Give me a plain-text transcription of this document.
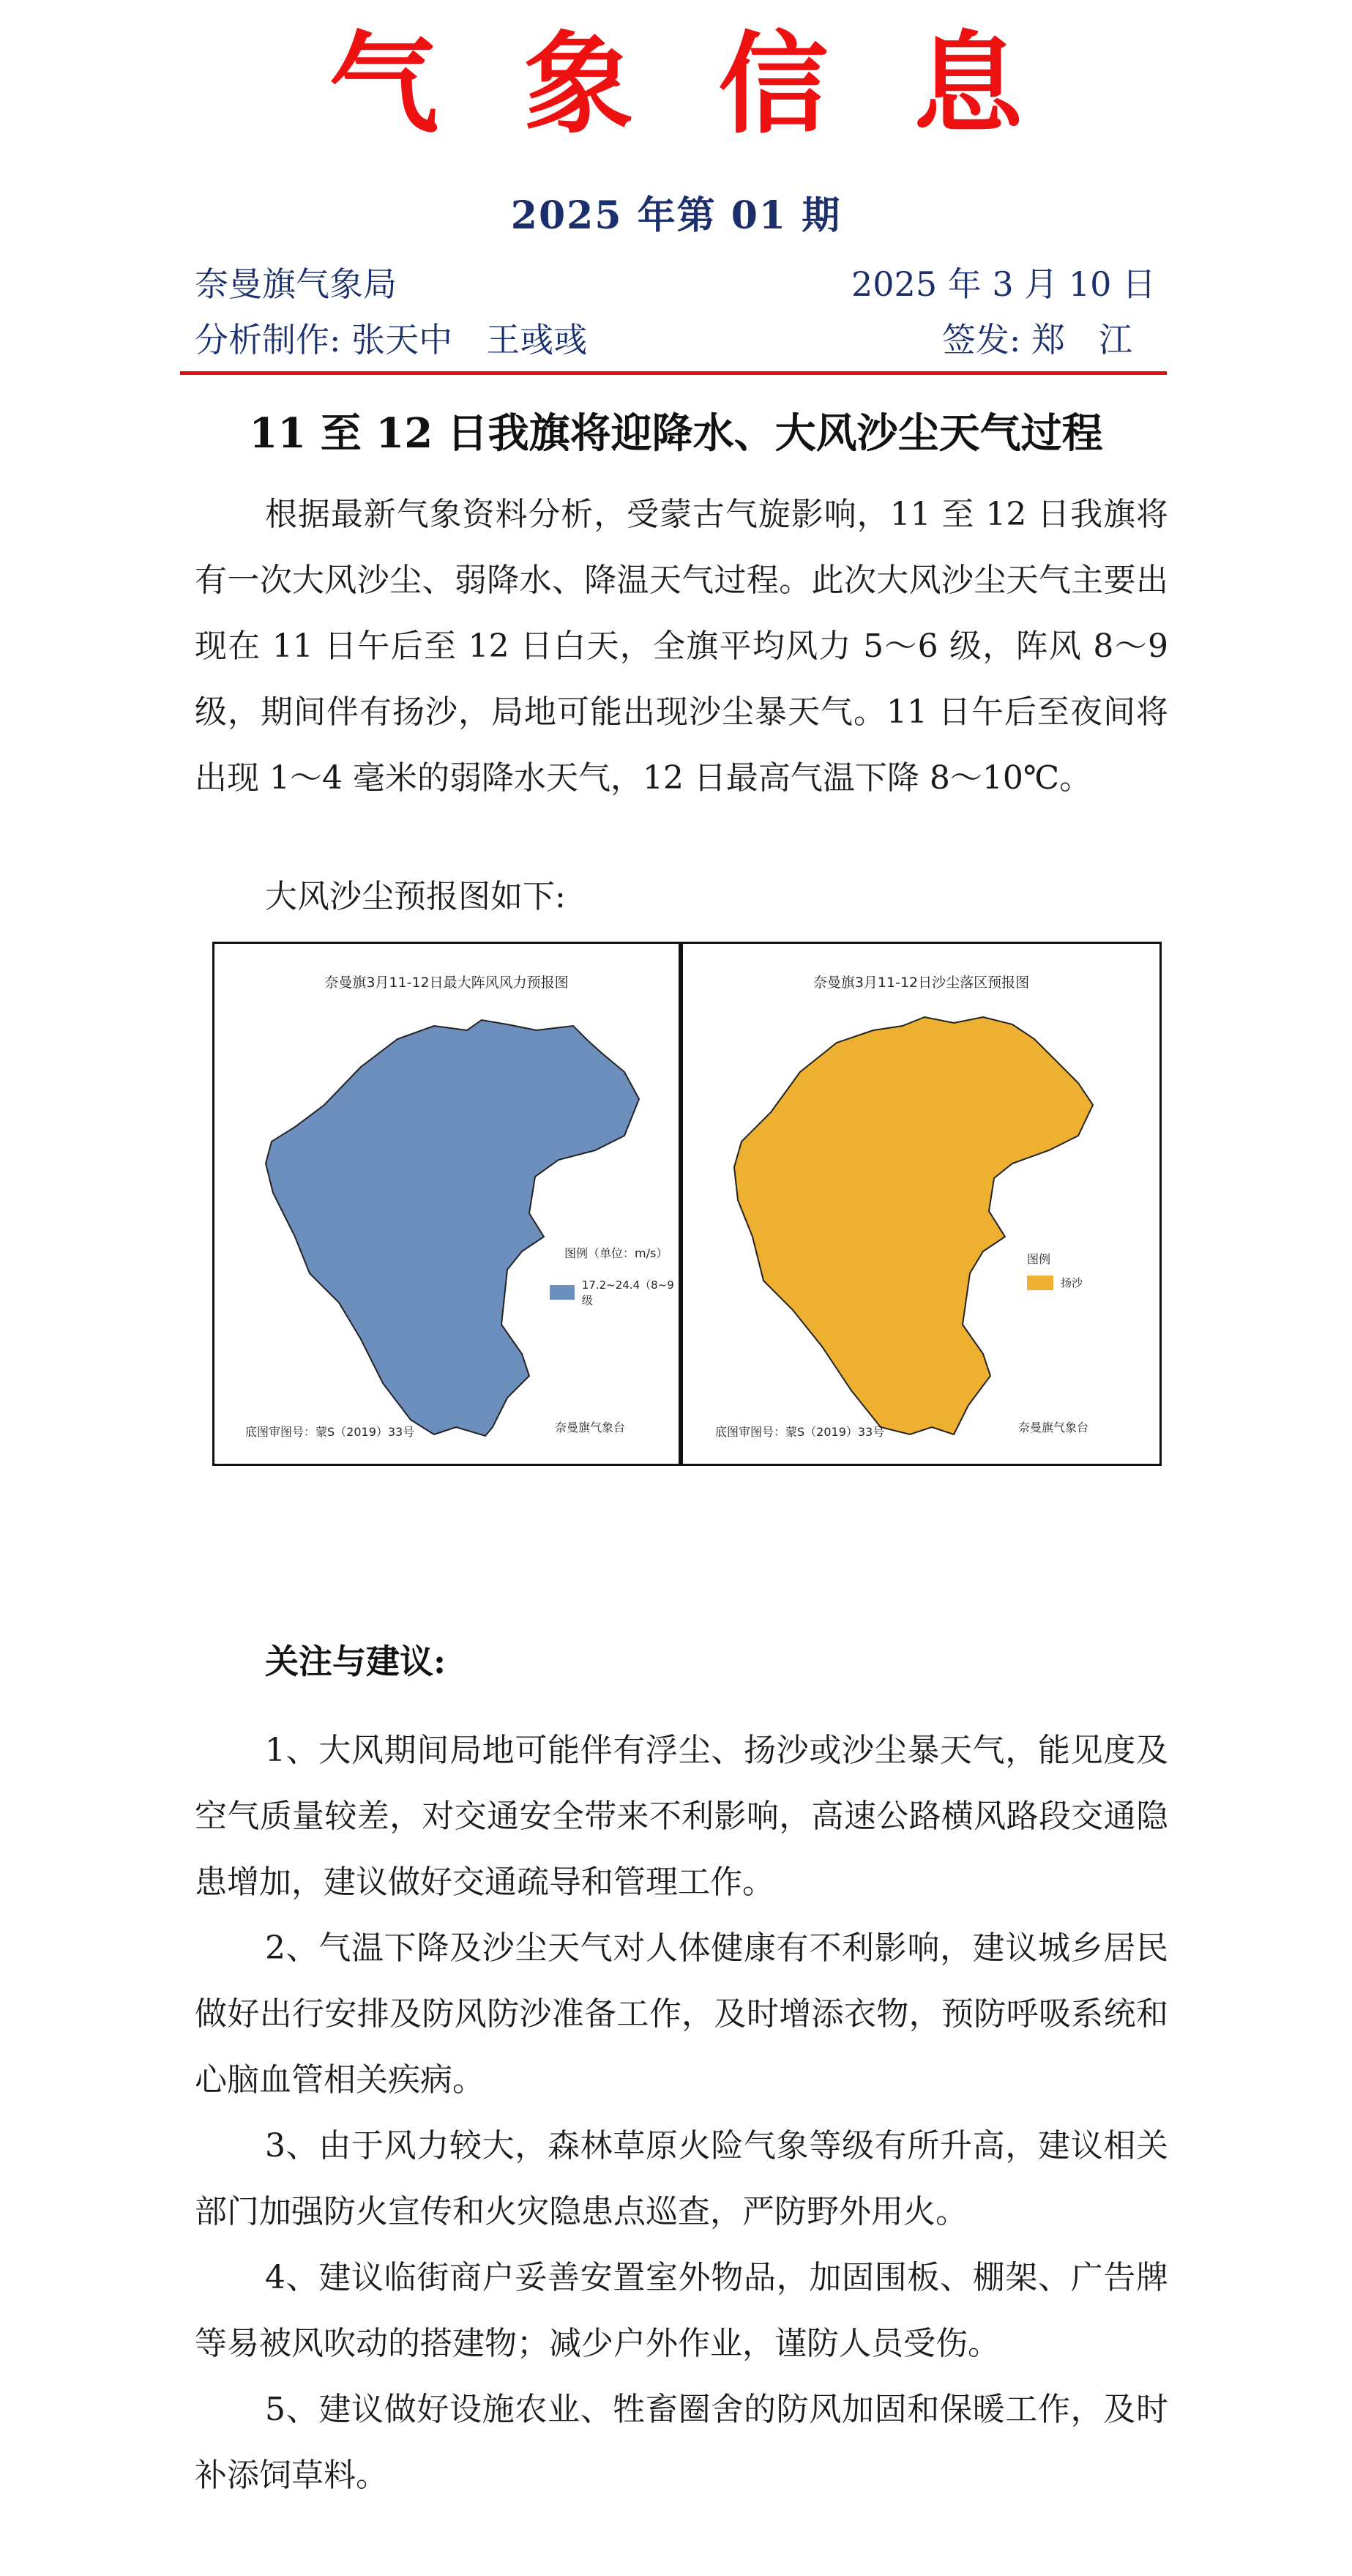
气 象 信 息
2025 年第 01 期
奈曼旗气象局	2025 年 3 月 10 日
分析制作: 张天中　王彧彧	签发: 郑　江
11 至 12 日我旗将迎降水、大风沙尘天气过程

根据最新气象资料分析，受蒙古气旋影响，11 至 12 日我旗将有一次大风沙尘、弱降水、降温天气过程。此次大风沙尘天气主要出现在 11 日午后至 12 日白天，全旗平均风力 5～6 级，阵风 8～9 级，期间伴有扬沙，局地可能出现沙尘暴天气。11 日午后至夜间将出现 1～4 毫米的弱降水天气，12 日最高气温下降 8～10℃。

大风沙尘预报图如下:

奈曼旗3月11-12日最大阵风风力预报图
图例（单位：m/s）
17.2~24.4（8~9级
底图审图号：蒙S（2019）33号	奈曼旗气象台
奈曼旗3月11-12日沙尘落区预报图
图例
扬沙
底图审图号：蒙S（2019）33号	奈曼旗气象台
关注与建议:

1、大风期间局地可能伴有浮尘、扬沙或沙尘暴天气，能见度及空气质量较差，对交通安全带来不利影响，高速公路横风路段交通隐患增加，建议做好交通疏导和管理工作。

2、气温下降及沙尘天气对人体健康有不利影响，建议城乡居民做好出行安排及防风防沙准备工作，及时增添衣物，预防呼吸系统和心脑血管相关疾病。

3、由于风力较大，森林草原火险气象等级有所升高，建议相关部门加强防火宣传和火灾隐患点巡查，严防野外用火。

4、建议临街商户妥善安置室外物品，加固围板、棚架、广告牌等易被风吹动的搭建物；减少户外作业，谨防人员受伤。

5、建议做好设施农业、牲畜圈舍的防风加固和保暖工作，及时补添饲草料。
